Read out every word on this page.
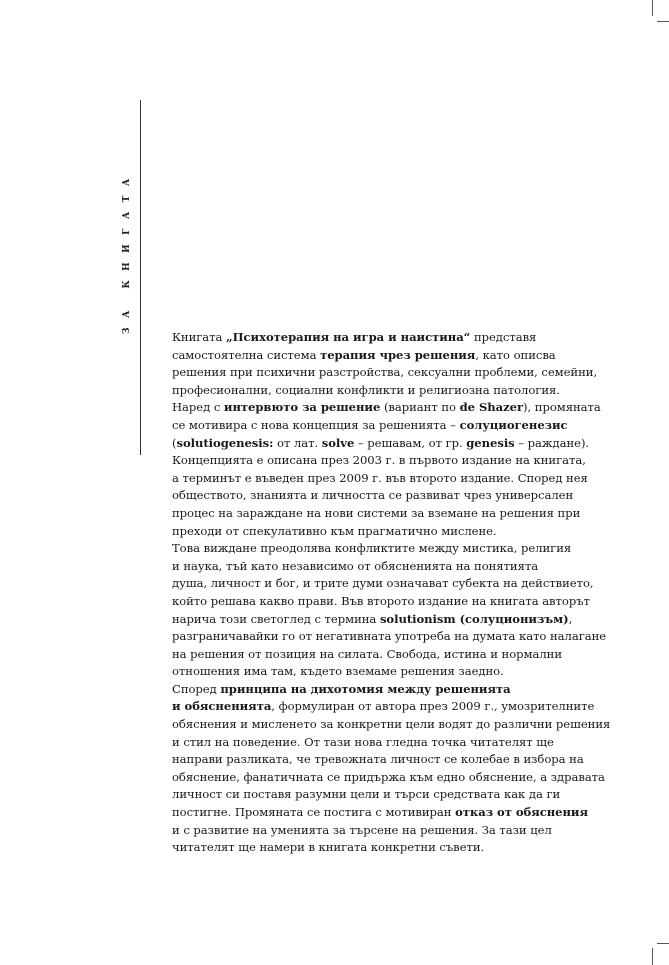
ЗА КНИГАТА
Книгата „Психотерапия на игра и наистина“ представя
самостоятелна система терапия чрез решения, като описва
решения при психични разстройства, сексуални проблеми, семейни,
професионални, социални конфликти и религиозна патология.
Наред с интервюто за решение (вариант по de Shazer), промяната
се мотивира с нова концепция за решенията – солуциогенезис
(solutiogenesis: от лат. solve – решавам, от гр. genesis – раждане).
Концепцията е описана през 2003 г. в първото издание на книгата,
а терминът е въведен през 2009 г. във второто издание. Според нея
обществото, знанията и личността се развиват чрез универсален
процес на зараждане на нови системи за вземане на решения при
преходи от спекулативно към прагматично мислене.
Това виждане преодолява конфликтите между мистика, религия
и наука, тъй като независимо от обясненията на понятията
душа, личност и бог, и трите думи означават субекта на действието,
който решава какво прави. Във второто издание на книгата авторът
нарича този светоглед с термина solutionism (солуционизъм),
разграничавайки го от негативната употреба на думата като налагане
на решения от позиция на силата. Свобода, истина и нормални
отношения има там, където вземаме решения заедно.
Според принципа на дихотомия между решенията
и обясненията, формулиран от автора през 2009 г., умозрителните
обяснения и мисленето за конкретни цели водят до различни решения
и стил на поведение. От тази нова гледна точка читателят ще
направи разликата, че тревожната личност се колебае в избора на
обяснение, фанатичната се придържа към едно обяснение, а здравата
личност си поставя разумни цели и търси средствата как да ги
постигне. Промяната се постига с мотивиран отказ от обяснения
и с развитие на уменията за търсене на решения. За тази цел
читателят ще намери в книгата конкретни съвети.
